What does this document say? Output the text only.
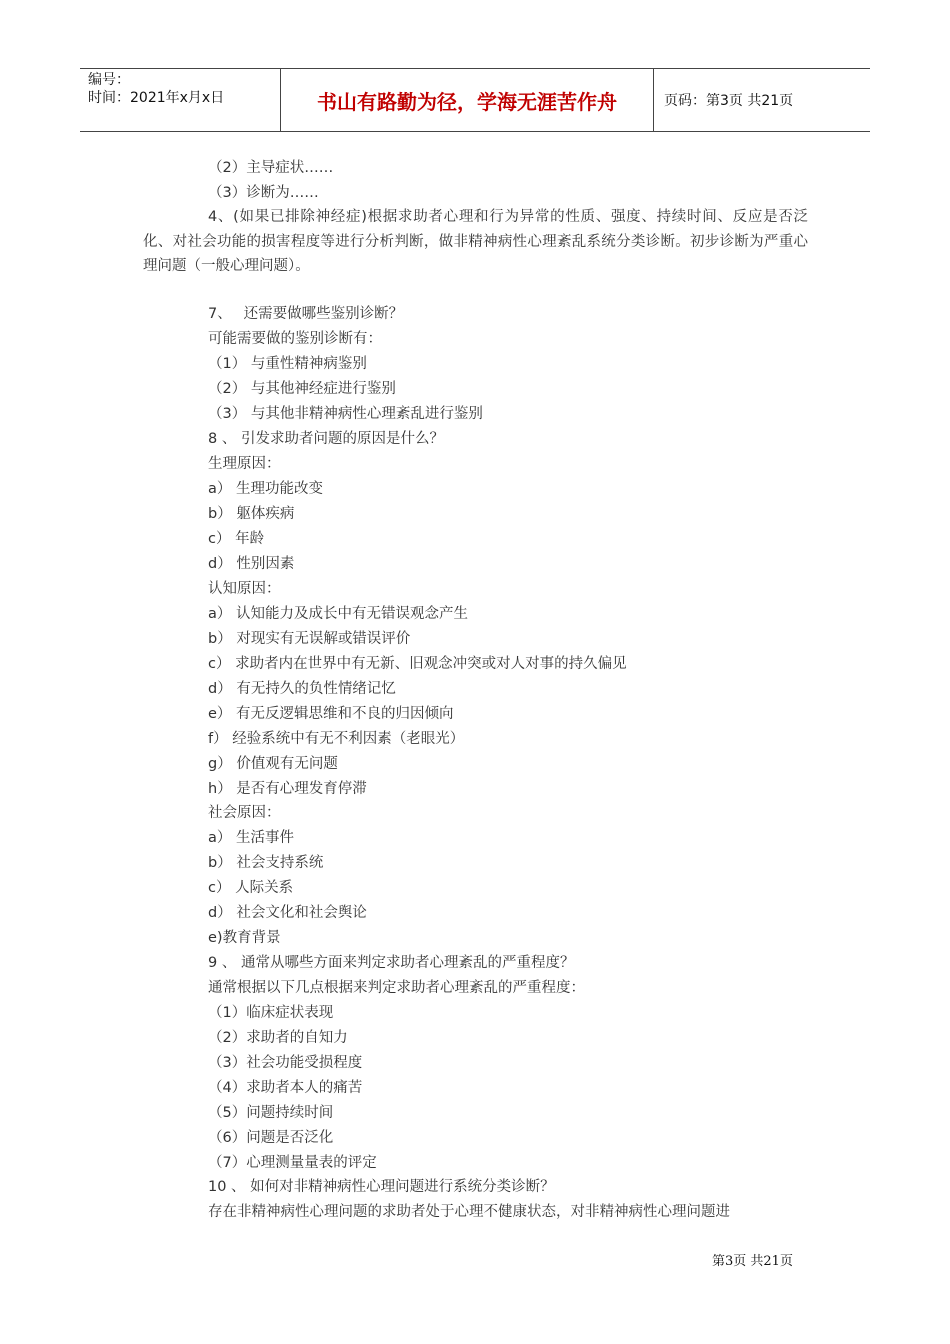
编号：
时间：2021年x月x日	书山有路勤为径，学海无涯苦作舟	页码：第3页 共21页
（2）主导症状……
（3）诊断为……
4、(如果已排除神经症)根据求助者心理和行为异常的性质、强度、持续时间、反应是否泛化、对社会功能的损害程度等进行分析判断，做非精神病性心理紊乱系统分类诊断。初步诊断为严重心理问题（一般心理问题）。
7、　 还需要做哪些鉴别诊断？
可能需要做的鉴别诊断有：
（1） 与重性精神病鉴别
（2） 与其他神经症进行鉴别
（3） 与其他非精神病性心理紊乱进行鉴别
8 、 引发求助者问题的原因是什么？
生理原因：
a） 生理功能改变
b） 躯体疾病
c） 年龄
d） 性别因素
认知原因：
a） 认知能力及成长中有无错误观念产生
b） 对现实有无误解或错误评价
c） 求助者内在世界中有无新、旧观念冲突或对人对事的持久偏见
d） 有无持久的负性情绪记忆
e） 有无反逻辑思维和不良的归因倾向
f） 经验系统中有无不利因素（老眼光）
g） 价值观有无问题
h） 是否有心理发育停滞
社会原因：
a） 生活事件
b） 社会支持系统
c） 人际关系
d） 社会文化和社会舆论
e)教育背景
9 、 通常从哪些方面来判定求助者心理紊乱的严重程度？
通常根据以下几点根据来判定求助者心理紊乱的严重程度：
（1）临床症状表现
（2）求助者的自知力
（3）社会功能受损程度
（4）求助者本人的痛苦
（5）问题持续时间
（6）问题是否泛化
（7）心理测量量表的评定
10 、 如何对非精神病性心理问题进行系统分类诊断？
存在非精神病性心理问题的求助者处于心理不健康状态，对非精神病性心理问题进
第3页 共21页
